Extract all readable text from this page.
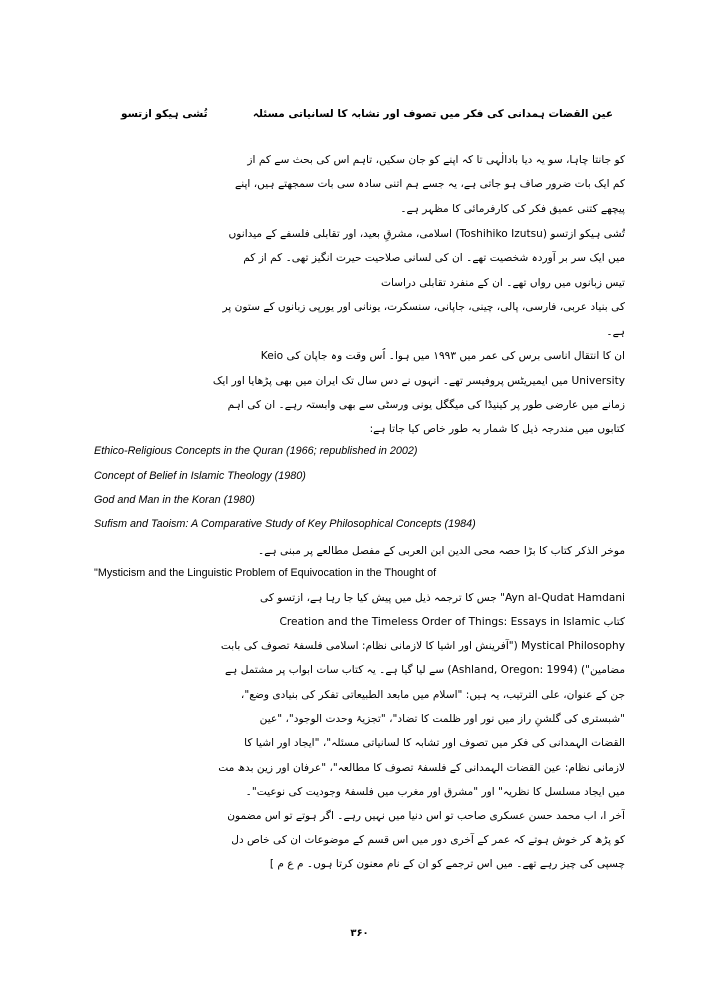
عین القضات ہمدانی کی فکر میں تصوف اور تشابہ کا لسانیاتی مسئلہ
تُشی ہیکو ازتسو
کو جانتا چاہا، سو یہ دیا بادالٰہی تا کہ اپنے کو جان سکیں، تاہم اس کی بحث سے کم از
کم ایک بات ضرور صاف ہو جاتی ہے، یہ جسے ہم اتنی سادہ سی بات سمجھتے ہیں، اپنے
پیچھے کتنی عمیق فکر کی کارفرمائی کا مظہر ہے۔
تُشی ہیکو ازتسو (Toshihiko Izutsu) اسلامی، مشرقِ بعید، اور تقابلی فلسفے کے میدانوں
میں ایک سر بر آوردہ شخصیت تھے۔ ان کی لسانی صلاحیت حیرت انگیز تھی۔ کم از کم
تیس زبانوں میں رواں تھے۔ ان کے منفرد تقابلی دراسات
کی بنیاد عربی، فارسی، پالی، چینی، جاپانی، سنسکرت، یونانی اور یورپی زبانوں کے ستون پر
ہے۔
ان کا انتقال اناسی برس کی عمر میں ۱۹۹۳ میں ہوا۔ اُس وقت وہ جاپان کی Keio
University میں ایمیریٹس پروفیسر تھے۔ انہوں نے دس سال تک ایران میں بھی پڑھایا اور ایک
زمانے میں عارضی طور پر کینیڈا کی میگگل یونی ورسٹی سے بھی وابستہ رہے۔ ان کی اہم
کتابوں میں مندرجہ ذیل کا شمار بہ طور خاص کیا جاتا ہے:
Ethico-Religious Concepts in the Quran (1966; republished in 2002)
Concept of Belief in Islamic Theology (1980)
God and Man in the Koran (1980)
Sufism and Taoism: A Comparative Study of Key Philosophical Concepts (1984)
موخر الذکر کتاب کا بڑا حصہ محی الدین ابن العربی کے مفصل مطالعے پر مبنی ہے۔
"Mysticism and the Linguistic Problem of Equivocation in the Thought of
Ayn al-Qudat Hamdani" جس کا ترجمہ ذیل میں پیش کیا جا رہا ہے، ازتسو کی
کتاب Creation and the Timeless Order of Things: Essays in Islamic
Mystical Philosophy ("آفرینش اور اشیا کا لازمانی نظام: اسلامی فلسفۂ تصوف کی بابت
مضامین") (Ashland, Oregon: 1994) سے لیا گیا ہے۔ یہ کتاب سات ابواب پر مشتمل ہے
جن کے عنوان، علی الترتیب، یہ ہیں: "اسلام میں مابعد الطبیعاتی تفکر کی بنیادی وضع"،
"شبستری کی گلشنِ راز میں نور اور ظلمت کا تضاد"، "تجزیۂ وحدت الوجود"، "عین
القضات الہمدانی کی فکر میں تصوف اور تشابہ کا لسانیاتی مسئلہ"، "ایجاد اور اشیا کا
لازمانی نظام: عین القضات الہمدانی کے فلسفۂ تصوف کا مطالعہ"، "عرفان اور زین بدھ مت
میں ایجاد مسلسل کا نظریہ" اور "مشرق اور مغرب میں فلسفۂ وجودیت کی نوعیت"۔
آخر ا، اب محمد حسن عسکری صاحب تو اس دنیا میں نہیں رہے۔ اگر ہوتے تو اس مضمون
کو پڑھ کر خوش ہوتے کہ عمر کے آخری دور میں اس قسم کے موضوعات ان کی خاص دل
چسپی کی چیز رہے تھے۔ میں اس ترجمے کو ان کے نام معنون کرتا ہوں۔ م ع م ]
۳۶۰
